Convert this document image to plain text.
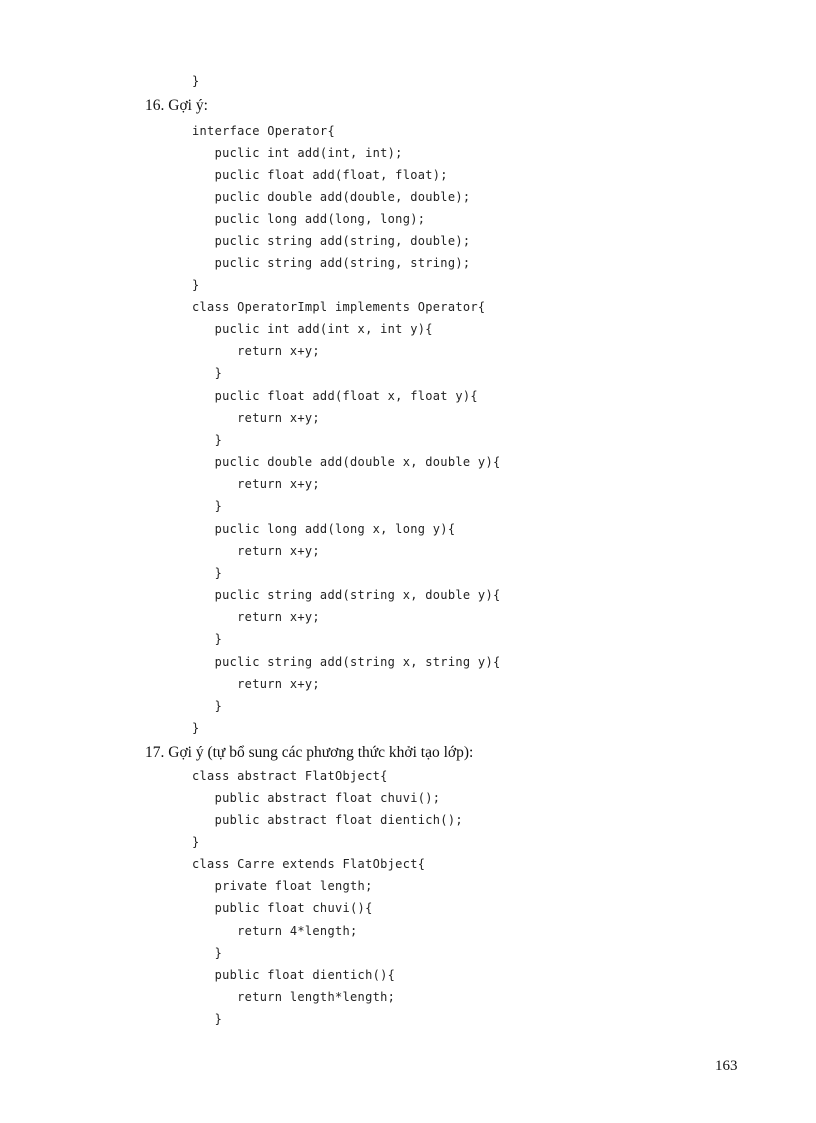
}
16. Gợi ý:
interface Operator{
puclic int add(int, int);
puclic float add(float, float);
puclic double add(double, double);
puclic long add(long, long);
puclic string add(string, double);
puclic string add(string, string);
}
class OperatorImpl implements Operator{
puclic int add(int x, int y){
return x+y;
}
puclic float add(float x, float y){
return x+y;
}
puclic double add(double x, double y){
return x+y;
}
puclic long add(long x, long y){
return x+y;
}
puclic string add(string x, double y){
return x+y;
}
puclic string add(string x, string y){
return x+y;
}
}
17. Gợi ý (tự bổ sung các phương thức khởi tạo lớp):
class abstract FlatObject{
public abstract float chuvi();
public abstract float dientich();
}
class Carre extends FlatObject{
private float length;
public float chuvi(){
return 4*length;
}
public float dientich(){
return length*length;
}
163
